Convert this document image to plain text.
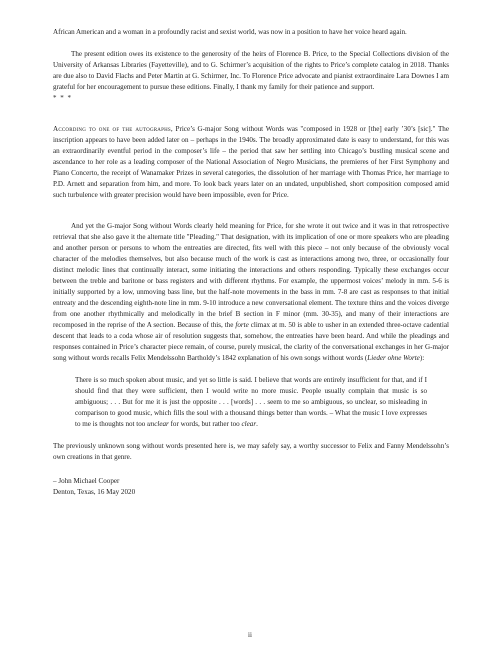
African American and a woman in a profoundly racist and sexist world, was now in a position to have her voice heard again.

The present edition owes its existence to the generosity of the heirs of Florence B. Price, to the Special Collections division of the University of Arkansas Libraries (Fayetteville), and to G. Schirmer’s acquisition of the rights to Price’s complete catalog in 2018. Thanks are due also to David Flachs and Peter Martin at G. Schirmer, Inc. To Florence Price advocate and pianist extraordinaire Lara Downes I am grateful for her encouragement to pursue these editions. Finally, I thank my family for their patience and support.

* * *

According to one of the autographs, Price’s G-major Song without Words was "composed in 1928 or [the] early ’30’s [sic]." The inscription appears to have been added later on – perhaps in the 1940s. The broadly approximated date is easy to understand, for this was an extraordinarily eventful period in the composer’s life – the period that saw her settling into Chicago’s bustling musical scene and ascendance to her role as a leading composer of the National Association of Negro Musicians, the premieres of her First Symphony and Piano Concerto, the receipt of Wanamaker Prizes in several categories, the dissolution of her marriage with Thomas Price, her marriage to P.D. Arnett and separation from him, and more. To look back years later on an undated, unpublished, short composition composed amid such turbulence with greater precision would have been impossible, even for Price.

And yet the G-major Song without Words clearly held meaning for Price, for she wrote it out twice and it was in that retrospective retrieval that she also gave it the alternate title "Pleading." That designation, with its implication of one or more speakers who are pleading and another person or persons to whom the entreaties are directed, fits well with this piece – not only because of the obviously vocal character of the melodies themselves, but also because much of the work is cast as interactions among two, three, or occasionally four distinct melodic lines that continually interact, some initiating the interactions and others responding. Typically these exchanges occur between the treble and baritone or bass registers and with different rhythms. For example, the uppermost voices’ melody in mm. 5-6 is initially supported by a low, unmoving bass line, but the half-note movements in the bass in mm. 7-8 are cast as responses to that initial entreaty and the descending eighth-note line in mm. 9-10 introduce a new conversational element. The texture thins and the voices diverge from one another rhythmically and melodically in the brief B section in F minor (mm. 30-35), and many of their interactions are recomposed in the reprise of the A section. Because of this, the forte climax at m. 50 is able to usher in an extended three-octave cadential descent that leads to a coda whose air of resolution suggests that, somehow, the entreaties have been heard. And while the pleadings and responses contained in Price’s character piece remain, of course, purely musical, the clarity of the conversational exchanges in her G-major song without words recalls Felix Mendelssohn Bartholdy’s 1842 explanation of his own songs without words (Lieder ohne Worte):

There is so much spoken about music, and yet so little is said. I believe that words are entirely insufficient for that, and if I should find that they were sufficient, then I would write no more music. People usually complain that music is so ambiguous; . . . But for me it is just the opposite . . . [words] . . . seem to me so ambiguous, so unclear, so misleading in comparison to good music, which fills the soul with a thousand things better than words. – What the music I love expresses to me is thoughts not too unclear for words, but rather too clear.

The previously unknown song without words presented here is, we may safely say, a worthy successor to Felix and Fanny Mendelssohn’s own creations in that genre.

– John Michael Cooper

Denton, Texas, 16 May 2020

ii
